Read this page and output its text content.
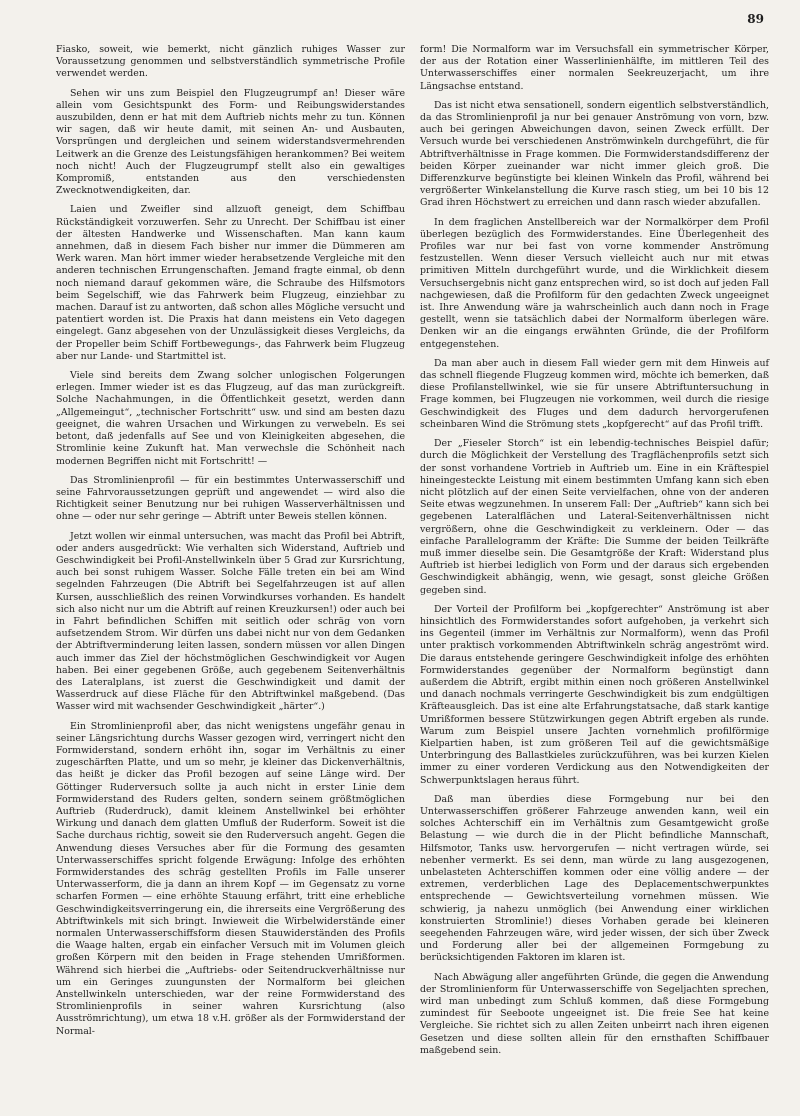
89

Fiasko, soweit, wie bemerkt, nicht gänzlich ruhiges Wasser zur Voraussetzung genommen und selbstverständlich symmetrische Profile verwendet werden.

Sehen wir uns zum Beispiel den Flugzeugrumpf an! Dieser wäre allein vom Gesichtspunkt des Form- und Reibungswiderstandes auszubilden, denn er hat mit dem Auftrieb nichts mehr zu tun. Können wir sagen, daß wir heute damit, mit seinen An- und Ausbauten, Vorsprüngen und dergleichen und seinem widerstandsvermehrenden Leitwerk an die Grenze des Leistungsfähigen herankommen? Bei weitem noch nicht! Auch der Flugzeugrumpf stellt also ein gewaltiges Kompromiß, entstanden aus den verschiedensten Zwecknotwendigkeiten, dar.

Laien und Zweifler sind allzuoft geneigt, dem Schiffbau Rückständigkeit vorzuwerfen. Sehr zu Unrecht. Der Schiffbau ist einer der ältesten Handwerke und Wissenschaften. Man kann kaum annehmen, daß in diesem Fach bisher nur immer die Dümmeren am Werk waren. Man hört immer wieder herabsetzende Vergleiche mit den anderen technischen Errungenschaften. Jemand fragte einmal, ob denn noch niemand darauf gekommen wäre, die Schraube des Hilfsmotors beim Segelschiff, wie das Fahrwerk beim Flugzeug, einziehbar zu machen. Darauf ist zu antworten, daß schon alles Mögliche versucht und patentiert worden ist. Die Praxis hat dann meistens ein Veto dagegen eingelegt. Ganz abgesehen von der Unzulässigkeit dieses Vergleichs, da der Propeller beim Schiff Fortbewegungs-, das Fahrwerk beim Flugzeug aber nur Lande- und Startmittel ist.

Viele sind bereits dem Zwang solcher unlogischen Folgerungen erlegen. Immer wieder ist es das Flugzeug, auf das man zurückgreift. Solche Nachahmungen, in die Öffentlichkeit gesetzt, werden dann „Allgemeingut“, „technischer Fortschritt“ usw. und sind am besten dazu geeignet, die wahren Ursachen und Wirkungen zu verwebeln. Es sei betont, daß jedenfalls auf See und von Kleinigkeiten abgesehen, die Stromlinie keine Zukunft hat. Man verwechsle die Schönheit nach modernen Begriffen nicht mit Fortschritt! —

Das Stromlinienprofil — für ein bestimmtes Unterwasserschiff und seine Fahrvoraussetzungen geprüft und angewendet — wird also die Richtigkeit seiner Benutzung nur bei ruhigen Wasserverhältnissen und ohne — oder nur sehr geringe — Abtrift unter Beweis stellen können.

Jetzt wollen wir einmal untersuchen, was macht das Profil bei Abtrift, oder anders ausgedrückt: Wie verhalten sich Widerstand, Auftrieb und Geschwindigkeit bei Profil-Anstellwinkeln über 5 Grad zur Kursrichtung, auch bei sonst ruhigem Wasser. Solche Fälle treten ein bei am Wind segelnden Fahrzeugen (Die Abtrift bei Segelfahrzeugen ist auf allen Kursen, ausschließlich des reinen Vorwindkurses vorhanden. Es handelt sich also nicht nur um die Abtrift auf reinen Kreuzkursen!) oder auch bei in Fahrt befindlichen Schiffen mit seitlich oder schräg von vorn aufsetzendem Strom. Wir dürfen uns dabei nicht nur von dem Gedanken der Abtriftverminderung leiten lassen, sondern müssen vor allen Dingen auch immer das Ziel der höchstmöglichen Geschwindigkeit vor Augen haben. Bei einer gegebenen Größe, auch gegebenem Seitenverhältnis des Lateralplans, ist zuerst die Geschwindigkeit und damit der Wasserdruck auf diese Fläche für den Abtriftwinkel maßgebend. (Das Wasser wird mit wachsender Geschwindigkeit „härter“.)

Ein Stromlinienprofil aber, das nicht wenigstens ungefähr genau in seiner Längsrichtung durchs Wasser gezogen wird, verringert nicht den Formwiderstand, sondern erhöht ihn, sogar im Verhältnis zu einer zugeschärften Platte, und um so mehr, je kleiner das Dickenverhältnis, das heißt je dicker das Profil bezogen auf seine Länge wird. Der Göttinger Ruderversuch sollte ja auch nicht in erster Linie dem Formwiderstand des Ruders gelten, sondern seinem größtmöglichen Auftrieb (Ruderdruck), damit kleinem Anstellwinkel bei erhöhter Wirkung und danach dem glatten Umfluß der Ruderform. Soweit ist die Sache durchaus richtig, soweit sie den Ruderversuch angeht. Gegen die Anwendung dieses Versuches aber für die Formung des gesamten Unterwasserschiffes spricht folgende Erwägung: Infolge des erhöhten Formwiderstandes des schräg gestellten Profils im Falle unserer Unterwasserform, die ja dann an ihrem Kopf — im Gegensatz zu vorne scharfen Formen — eine erhöhte Stauung erfährt, tritt eine erhebliche Geschwindigkeitsverringerung ein, die ihrerseits eine Vergrößerung des Abtriftwinkels mit sich bringt. Inwieweit die Wirbelwiderstände einer normalen Unterwasserschiffsform diesen Stauwiderständen des Profils die Waage halten, ergab ein einfacher Versuch mit im Volumen gleich großen Körpern mit den beiden in Frage stehenden Umrißformen. Während sich hierbei die „Auftriebs- oder Seitendruckverhältnisse nur um ein Geringes zuungunsten der Normalform bei gleichen Anstellwinkeln unterschieden, war der reine Formwiderstand des Stromlinienprofils in seiner wahren Kursrichtung (also Ausströmrichtung), um etwa 18 v.H. größer als der Formwiderstand der Normal-

form! Die Normalform war im Versuchsfall ein symmetrischer Körper, der aus der Rotation einer Wasserlinienhälfte, im mittleren Teil des Unterwasserschiffes einer normalen Seekreuzerjacht, um ihre Längsachse entstand.

Das ist nicht etwa sensationell, sondern eigentlich selbstverständlich, da das Stromlinienprofil ja nur bei genauer Anströmung von vorn, bzw. auch bei geringen Abweichungen davon, seinen Zweck erfüllt. Der Versuch wurde bei verschiedenen Anströmwinkeln durchgeführt, die für Abtriftverhältnisse in Frage kommen. Die Formwiderstandsdifferenz der beiden Körper zueinander war nicht immer gleich groß. Die Differenzkurve begünstigte bei kleinen Winkeln das Profil, während bei vergrößerter Winkelanstellung die Kurve rasch stieg, um bei 10 bis 12 Grad ihren Höchstwert zu erreichen und dann rasch wieder abzufallen.

In dem fraglichen Anstellbereich war der Normalkörper dem Profil überlegen bezüglich des Formwiderstandes. Eine Überlegenheit des Profiles war nur bei fast von vorne kommender Anströmung festzustellen. Wenn dieser Versuch vielleicht auch nur mit etwas primitiven Mitteln durchgeführt wurde, und die Wirklichkeit diesem Versuchsergebnis nicht ganz entsprechen wird, so ist doch auf jeden Fall nachgewiesen, daß die Profilform für den gedachten Zweck ungeeignet ist. Ihre Anwendung wäre ja wahrscheinlich auch dann noch in Frage gestellt, wenn sie tatsächlich dabei der Normalform überlegen wäre. Denken wir an die eingangs erwähnten Gründe, die der Profilform entgegenstehen.

Da man aber auch in diesem Fall wieder gern mit dem Hinweis auf das schnell fliegende Flugzeug kommen wird, möchte ich bemerken, daß diese Profilanstellwinkel, wie sie für unsere Abtriftuntersuchung in Frage kommen, bei Flugzeugen nie vorkommen, weil durch die riesige Geschwindigkeit des Fluges und dem dadurch hervorgerufenen scheinbaren Wind die Strömung stets „kopfgerecht“ auf das Profil trifft.

Der „Fieseler Storch“ ist ein lebendig-technisches Beispiel dafür; durch die Möglichkeit der Verstellung des Tragflächenprofils setzt sich der sonst vorhandene Vortrieb in Auftrieb um. Eine in ein Kräftespiel hineingesteckte Leistung mit einem bestimmten Umfang kann sich eben nicht plötzlich auf der einen Seite vervielfachen, ohne von der anderen Seite etwas wegzunehmen. In unserem Fall: Der „Auftrieb“ kann sich bei gegebenen Lateralflächen und Lateral-Seitenverhältnissen nicht vergrößern, ohne die Geschwindigkeit zu verkleinern. Oder — das einfache Parallelogramm der Kräfte: Die Summe der beiden Teilkräfte muß immer dieselbe sein. Die Gesamtgröße der Kraft: Widerstand plus Auftrieb ist hierbei lediglich von Form und der daraus sich ergebenden Geschwindigkeit abhängig, wenn, wie gesagt, sonst gleiche Größen gegeben sind.

Der Vorteil der Profilform bei „kopfgerechter“ Anströmung ist aber hinsichtlich des Formwiderstandes sofort aufgehoben, ja verkehrt sich ins Gegenteil (immer im Verhältnis zur Normalform), wenn das Profil unter praktisch vorkommenden Abtriftwinkeln schräg angeströmt wird. Die daraus entstehende geringere Geschwindigkeit infolge des erhöhten Formwiderstandes gegenüber der Normalform begünstigt dann außerdem die Abtrift, ergibt mithin einen noch größeren Anstellwinkel und danach nochmals verringerte Geschwindigkeit bis zum endgültigen Kräfteausgleich. Das ist eine alte Erfahrungstatsache, daß stark kantige Umrißformen bessere Stützwirkungen gegen Abtrift ergeben als runde. Warum zum Beispiel unsere Jachten vornehmlich profilförmige Kielpartien haben, ist zum größeren Teil auf die gewichtsmäßige Unterbringung des Ballastkieles zurückzuführen, was bei kurzen Kielen immer zu einer vorderen Verdickung aus den Notwendigkeiten der Schwerpunktslagen heraus führt.

Daß man überdies diese Formgebung nur bei den Unterwasserschiffen größerer Fahrzeuge anwenden kann, weil ein solches Achterschiff ein im Verhältnis zum Gesamtgewicht große Belastung — wie durch die in der Plicht befindliche Mannschaft, Hilfsmotor, Tanks usw. hervorgerufen — nicht vertragen würde, sei nebenher vermerkt. Es sei denn, man würde zu lang ausgezogenen, unbelasteten Achterschiffen kommen oder eine völlig andere — der extremen, verderblichen Lage des Deplacementschwerpunktes entsprechende — Gewichtsverteilung vornehmen müssen. Wie schwierig, ja nahezu unmöglich (bei Anwendung einer wirklichen konstruierten Stromlinie!) dieses Vorhaben gerade bei kleineren seegehenden Fahrzeugen wäre, wird jeder wissen, der sich über Zweck und Forderung aller bei der allgemeinen Formgebung zu berücksichtigenden Faktoren im klaren ist.

Nach Abwägung aller angeführten Gründe, die gegen die Anwendung der Stromlinienform für Unterwasserschiffe von Segeljachten sprechen, wird man unbedingt zum Schluß kommen, daß diese Formgebung zumindest für Seeboote ungeeignet ist. Die freie See hat keine Vergleiche. Sie richtet sich zu allen Zeiten unbeirrt nach ihren eigenen Gesetzen und diese sollten allein für den ernsthaften Schiffbauer maßgebend sein.
